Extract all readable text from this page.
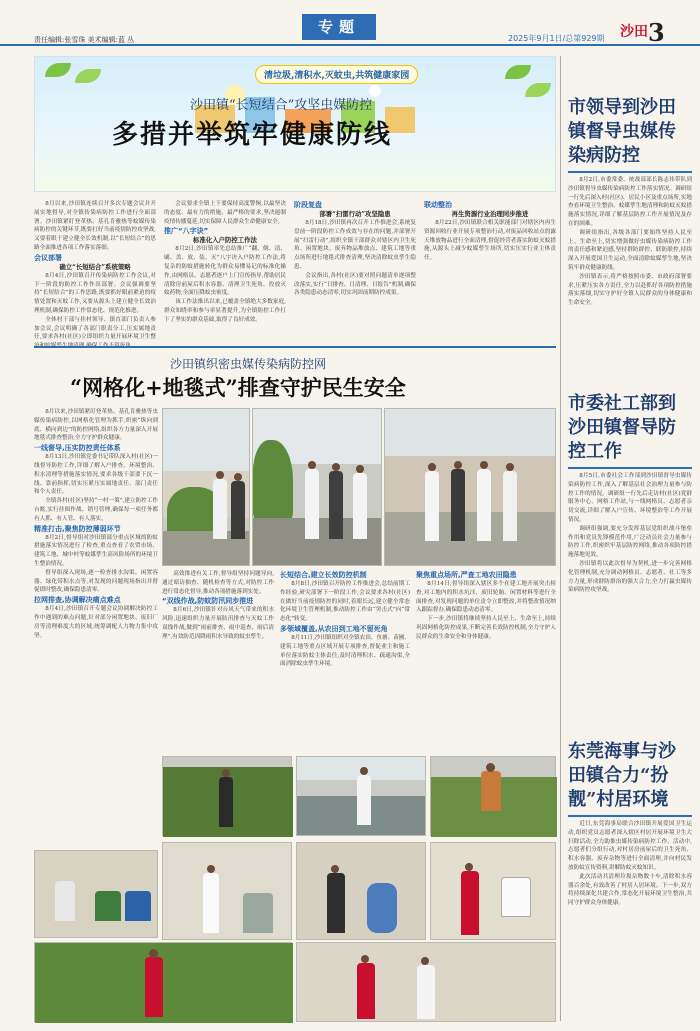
责任编辑:张雪珠 美术编辑:蓝 丛
专题
2025年9月1日/总第929期 沙田 3
清垃圾,清积水,灭蚊虫,共筑健康家园
沙田镇“长短结合”攻坚虫媒防控
多措并举筑牢健康防线

8月以来,沙田镇连续召开多次专题会议并开展实地督导,对全镇传染病防控工作进行全面部署。沙田镇紧盯登革热、基孔肯雅热等蚊媒传染病防控的关键环节,既要打好当前疫情防控攻坚战,又要着眼于建立健全长效机制,以“长短结合”的思路全面推进各项工作落实落细。

会议部署
确立“长短结合”系统策略

8月4日,沙田镇召开传染病防控工作会议,对下一阶段的防控工作作出部署。会议强调要坚持“长短结合”的工作思路,既要抓好眼前紧迫的疫情处置和灭蚊工作,又要从源头上建立健全长效治理机制,确保防控工作常态化、规范化推进。

全体村干部与挂村领导、镇直部门负责人参加会议,会议明确了各部门职责分工,压实属地责任,要求各村(社区)立即组织力量开展环境卫生整

会议要求全镇上下要保持高度警惕,以最坚决的态度、最有力的措施、最严格的要求,坚决遏制疫情传播蔓延,切实保障人民群众生命健康安全。

推广“八字诀”
标准化入户防控工作法

8月2日,沙田镇率先总结推广“翻、倒、清、刷、盖、放、装、灭”八字诀入户防控工作法,将复杂的防蚊措施转化为群众易懂易记的标准化操作,由网格员、志愿者逐户上门宣传指导,帮助居民清除房前屋后积水容器、清理卫生死角、投放灭蚊药物,全面压降蚊虫密度。

该工作法推出以来,已覆盖全镇绝大多数家庭,群众知晓率和参与率显著提升,为全镇防控工作打下了坚实的群众基础,取得了良好成效。

阶段复盘
部署“扫雷行动”攻坚隐患

8月18日,沙田镇再次召开工作推进会,系统复盘前一阶段防控工作成效与存在的问题,并部署开展“扫雷行动”,组织全镇干部群众对辖区内卫生死角、闲置地块、废弃物品堆放点、建筑工地等重点场所进行地毯式排查清理,坚决清除蚊虫孳生隐患。

会议指出,各村(社区)要对照问题清单逐项整改落实,实行“日排查、日清理、日报告”机制,确保各类隐患动态清零,切实巩固前期防控成果。

联动整治
再生资源行业治理同步推进

8月22日,沙田镇联合相关职能部门对辖区内再生资源回收行业开展专项整治行动,对废品回收站点的露天堆放物品进行全面清理,督促经营者落实防蚊灭蚊措施,从源头上减少蚊媒孳生场所,切实压实行业主体责任。

沙田镇织密虫媒传染病防控网
“网格化+地毯式”排查守护民生安全

8月以来,沙田镇紧盯登革热、基孔肯雅热等虫媒传染病防控,以网格化管理为抓手,织密“纵向到底、横向到边”的防控网络,组织各方力量深入开展地毯式排查整治,全力守护群众健康。

一线督导,压实防控责任体系

8月13日,沙田镇党委书记带队深入村(社区)一线督导防控工作,详细了解入户排查、环境整治、积水清理等措施落实情况,要求各级干部要下沉一线、靠前指挥,切实压紧压实属地责任、部门责任和个人责任。

全镇各村(社区)坚持“一村一策”,建立防控工作台账,实行挂图作战、销号管理,确保每一项任务都有人抓、有人管、有人落实。

精准打击,聚焦防控薄弱环节

8月2日,督导组对沙田镇部分重点区域的防蚊措施落实情况进行了检查,重点查看了农贸市场、建筑工地、城中村等蚊媒孳生高风险场所的环境卫生整治情况。

督导组深入现场,逐一检查排水沟渠、闲置容器、绿化带积水点等,对发现的问题现场指出并督促即时整改,确保隐患清零。

拉网排查,协调解决痛点难点

8月4日,沙田镇召开专题会议协调解决防控工作中遇到的难点问题,针对部分闲置地块、废旧厂房等清理难度大的区域,统筹调配人力物力集中攻坚。

高效推进有关工作,督导组坚持问题导向,通过暗访抽查、随机检查等方式,对防控工作进行常态化督导,推动各项措施落到实处。

“双线作战,防蚊防汛同步推进

8月6日,沙田镇针对台风天气带来的积水风险,迅速组织力量开展防汛排查与灭蚊工作双线作战,做到“雨前排查、雨中巡查、雨后清理”,有效防范因降雨积水导致的蚊虫孳生。

长短结合,建立长效防控机制

8月8日,沙田镇召开防控工作推进会,总结前期工作经验,研究部署下一阶段工作,会议要求各村(社区)在做好当前疫情防控的同时,着眼长远,建立健全常态化环境卫生管理机制,推动防控工作由“突击式”向“常态化”转变。

多领域覆盖,从农田到工地不留死角

8月11日,沙田镇组织对全镇农田、鱼塘、苗圃、建筑工地等重点区域开展专项排查,督促业主和施工单位落实防蚊主体责任,及时清理积水、疏通沟渠,全面消除蚊虫孳生环境。

聚焦重点场所,严查工地农田隐患

8月14日,督导组深入辖区多个在建工地开展突击检查,对工地内的积水坑洼、废旧轮胎、闲置材料等进行全面排查,对发现问题的单位责令立即整改,并将整改情况纳入跟踪督办,确保隐患动态清零。

下一步,沙田镇将继续坚持人民至上、生命至上,持续巩固网格化防控成果,不断完善长效防控机制,全力守护人民群众的生命安全和身体健康。

市领导到沙田镇督导虫媒传染病防控

8月2日,市委常委、统战部部长陈志伟带队到沙田镇督导虫媒传染病防控工作落实情况。调研组一行先后深入村(社区)、居民小区及重点场所,实地查看环境卫生整治、蚊媒孳生地清理和防蚊灭蚊措施落实情况,详细了解基层防控工作开展情况及存在的困难。

调研组指出,各级各部门要始终坚持人民至上、生命至上,切实增强做好虫媒传染病防控工作的责任感和紧迫感,坚持群防群控、联防联控,持续深入开展爱国卫生运动,全面清除蚊媒孳生地,坚决筑牢群众健康防线。

沙田镇表示,将严格按照市委、市政府部署要求,压紧压实各方责任,全力以赴抓好各项防控措施落实落细,切实守护好全镇人民群众的身体健康和生命安全。

市委社工部到沙田镇督导防控工作

8月5日,市委社会工作部到沙田镇督导虫媒传染病防控工作,深入了解基层社会治理力量参与防控工作的情况。调研组一行先后走访村(社区)党群服务中心、网格工作站,与一线网格员、志愿者亲切交流,详细了解入户宣传、环境整治等工作开展情况。

调研组强调,要充分发挥基层党组织战斗堡垒作用和党员先锋模范作用,广泛动员社会力量参与防控工作,织密织牢基层防控网络,推动各项防控措施落地见效。

沙田镇将以此次督导为契机,进一步完善网格化管理机制,充分调动网格员、志愿者、社工等多方力量,形成群防群治的强大合力,全力打赢虫媒传染病防控攻坚战。

东莞海事与沙田镇合力“扮靓”村居环境

近日,东莞海事局联合沙田镇开展爱国卫生运动,组织党员志愿者深入辖区村居开展环境卫生大扫除活动,全力助推虫媒传染病防控工作。活动中,志愿者们分组行动,对村居房前屋后的卫生死角、积水容器、废弃杂物等进行全面清理,并向村民发放防蚊宣传资料,讲解防蚊灭蚊知识。

此次活动共清理垃圾杂物数十车,清除积水容器百余处,有效改善了村居人居环境。下一步,双方将持续深化共建合作,常态化开展环境卫生整治,共同守护群众身体健康。
